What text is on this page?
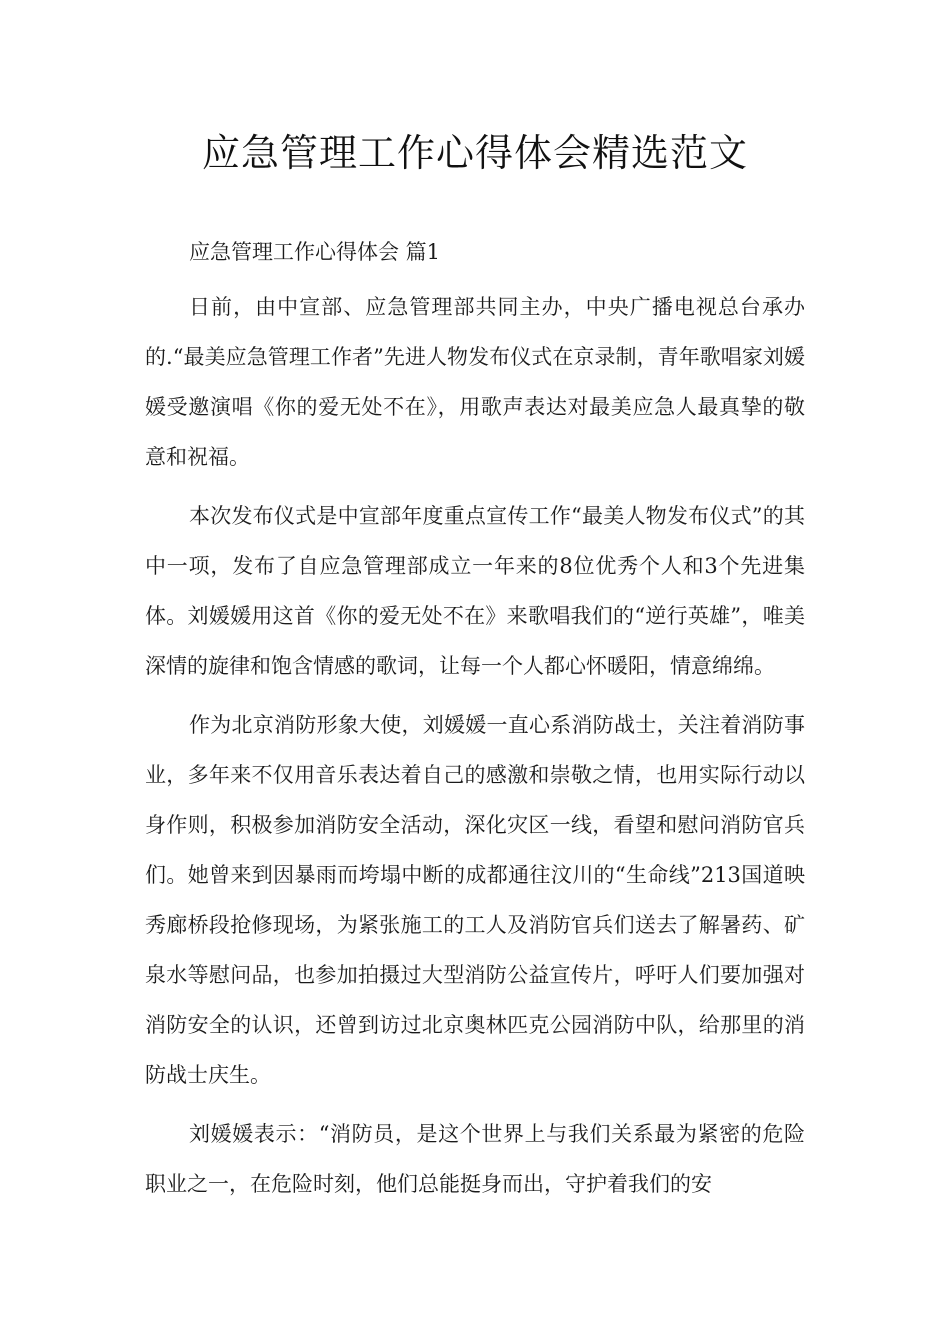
应急管理工作心得体会精选范文

应急管理工作心得体会 篇1

日前，由中宣部、应急管理部共同主办，中央广播电视总台承办的.“最美应急管理工作者”先进人物发布仪式在京录制，青年歌唱家刘媛媛受邀演唱《你的爱无处不在》，用歌声表达对最美应急人最真挚的敬意和祝福。

本次发布仪式是中宣部年度重点宣传工作“最美人物发布仪式”的其中一项，发布了自应急管理部成立一年来的8位优秀个人和3个先进集体。刘媛媛用这首《你的爱无处不在》来歌唱我们的“逆行英雄”，唯美深情的旋律和饱含情感的歌词，让每一个人都心怀暖阳，情意绵绵。

作为北京消防形象大使，刘媛媛一直心系消防战士，关注着消防事业，多年来不仅用音乐表达着自己的感激和崇敬之情，也用实际行动以身作则，积极参加消防安全活动，深化灾区一线，看望和慰问消防官兵们。她曾来到因暴雨而垮塌中断的成都通往汶川的“生命线”213国道映秀廊桥段抢修现场，为紧张施工的工人及消防官兵们送去了解暑药、矿泉水等慰问品，也参加拍摄过大型消防公益宣传片，呼吁人们要加强对消防安全的认识，还曾到访过北京奥林匹克公园消防中队，给那里的消防战士庆生。

刘媛媛表示：“消防员，是这个世界上与我们关系最为紧密的危险职业之一，在危险时刻，他们总能挺身而出，守护着我们的安
